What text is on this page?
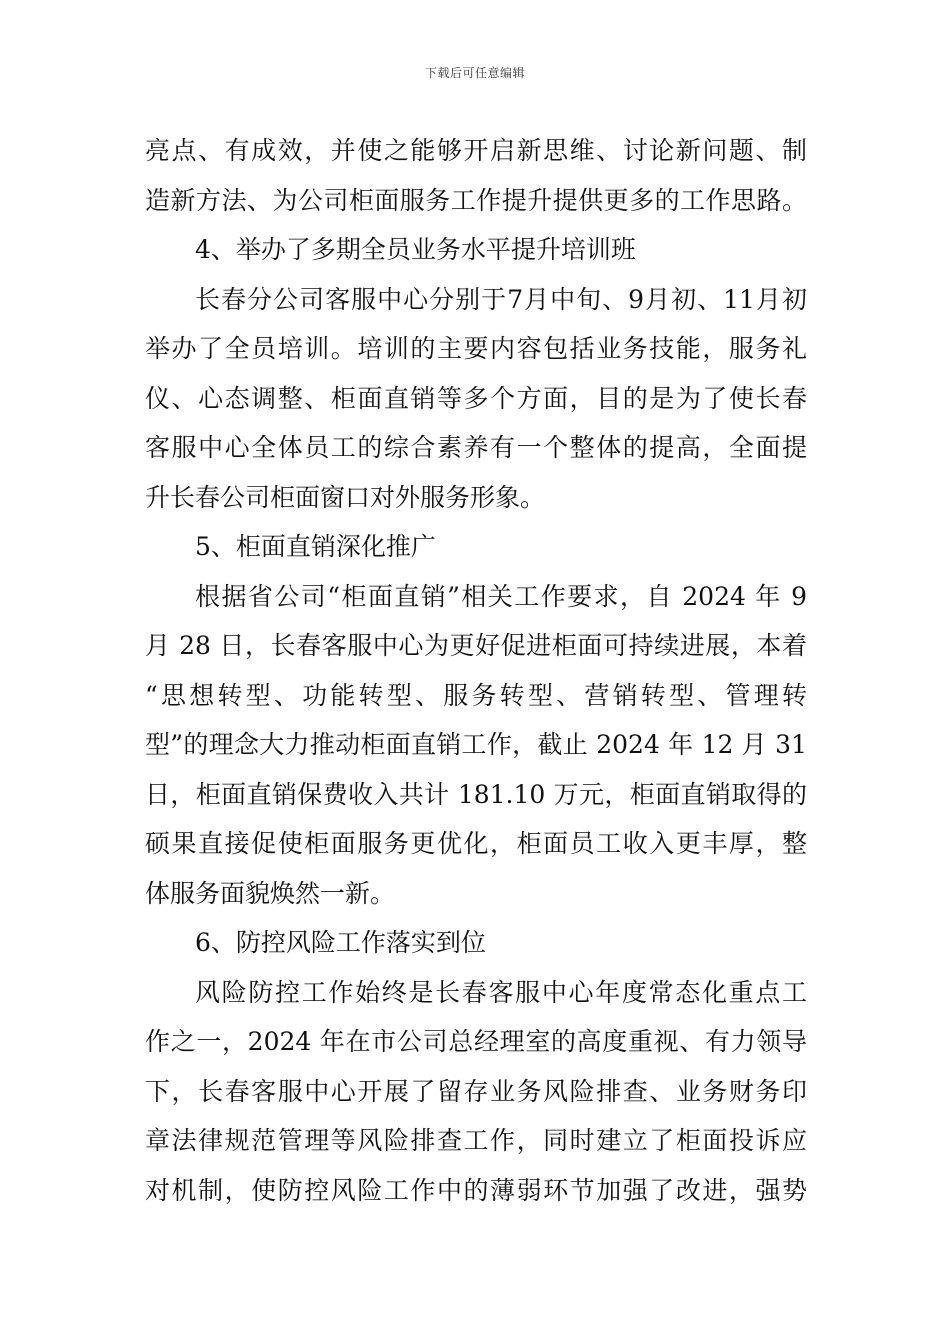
下载后可任意编辑
亮点、有成效，并使之能够开启新思维、讨论新问题、制
造新方法、为公司柜面服务工作提升提供更多的工作思路。
4、举办了多期全员业务水平提升培训班
长春分公司客服中心分别于7月中旬、9月初、11月初
举办了全员培训。培训的主要内容包括业务技能，服务礼
仪、心态调整、柜面直销等多个方面，目的是为了使长春
客服中心全体员工的综合素养有一个整体的提高，全面提
升长春公司柜面窗口对外服务形象。
5、柜面直销深化推广
根据省公司“柜面直销”相关工作要求，自 2024 年 9
月 28 日，长春客服中心为更好促进柜面可持续进展，本着
“思想转型、功能转型、服务转型、营销转型、管理转
型”的理念大力推动柜面直销工作，截止 2024 年 12 月 31
日，柜面直销保费收入共计 181.10 万元，柜面直销取得的
硕果直接促使柜面服务更优化，柜面员工收入更丰厚，整
体服务面貌焕然一新。
6、防控风险工作落实到位
风险防控工作始终是长春客服中心年度常态化重点工
作之一，2024 年在市公司总经理室的高度重视、有力领导
下，长春客服中心开展了留存业务风险排查、业务财务印
章法律规范管理等风险排查工作，同时建立了柜面投诉应
对机制，使防控风险工作中的薄弱环节加强了改进，强势
